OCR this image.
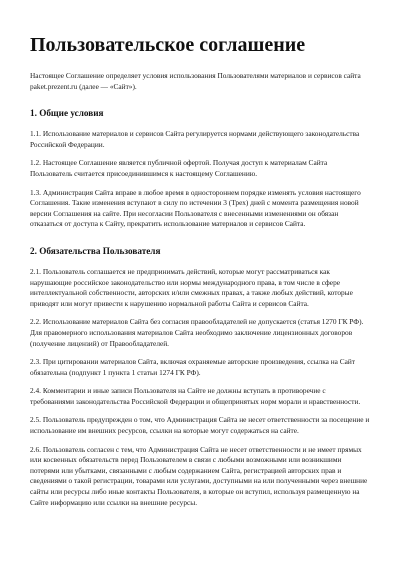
Пользовательское соглашение
Настоящее Соглашение определяет условия использования Пользователями материалов и сервисов сайта paket.prezent.ru (далее — «Сайт»).
1. Общие условия
1.1. Использование материалов и сервисов Сайта регулируется нормами действующего законодательства Российской Федерации.
1.2. Настоящее Соглашение является публичной офертой. Получая доступ к материалам Сайта Пользователь считается присоединившимся к настоящему Соглашению.
1.3. Администрация Сайта вправе в любое время в одностороннем порядке изменять условия настоящего Соглашения. Такие изменения вступают в силу по истечении 3 (Трех) дней с момента размещения новой версии Соглашения на сайте. При несогласии Пользователя с внесенными изменениями он обязан отказаться от доступа к Сайту, прекратить использование материалов и сервисов Сайта.
2. Обязательства Пользователя
2.1. Пользователь соглашается не предпринимать действий, которые могут рассматриваться как нарушающие российское законодательство или нормы международного права, в том числе в сфере интеллектуальной собственности, авторских и/или смежных правах, а также любых действий, которые приводят или могут привести к нарушению нормальной работы Сайта и сервисов Сайта.
2.2. Использование материалов Сайта без согласия правообладателей не допускается (статья 1270 ГК РФ). Для правомерного использования материалов Сайта необходимо заключение лицензионных договоров (получение лицензий) от Правообладателей.
2.3. При цитировании материалов Сайта, включая охраняемые авторские произведения, ссылка на Сайт обязательна (подпункт 1 пункта 1 статьи 1274 ГК РФ).
2.4. Комментарии и иные записи Пользователя на Сайте не должны вступать в противоречие с требованиями законодательства Российской Федерации и общепринятых норм морали и нравственности.
2.5. Пользователь предупрежден о том, что Администрация Сайта не несет ответственности за посещение и использование им внешних ресурсов, ссылки на которые могут содержаться на сайте.
2.6. Пользователь согласен с тем, что Администрация Сайта не несет ответственности и не имеет прямых или косвенных обязательств перед Пользователем в связи с любыми возможными или возникшими потерями или убытками, связанными с любым содержанием Сайта, регистрацией авторских прав и сведениями о такой регистрации, товарами или услугами, доступными на или полученными через внешние сайты или ресурсы либо иные контакты Пользователя, в которые он вступил, используя размещенную на Сайте информацию или ссылки на внешние ресурсы.
